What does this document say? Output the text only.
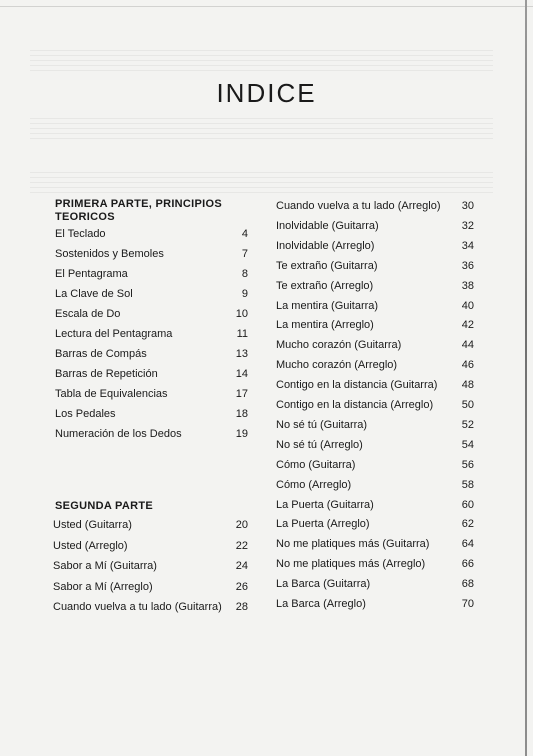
INDICE
PRIMERA PARTE, PRINCIPIOS TEORICOS
El Teclado	4
Sostenidos y Bemoles	7
El Pentagrama	8
La Clave de Sol	9
Escala de Do	10
Lectura del Pentagrama	11
Barras de Compás	13
Barras de Repetición	14
Tabla de Equivalencias	17
Los Pedales	18
Numeración de los Dedos	19
SEGUNDA PARTE
Usted (Guitarra)	20
Usted (Arreglo)	22
Sabor a Mí (Guitarra)	24
Sabor a Mí (Arreglo)	26
Cuando vuelva a tu lado (Guitarra) 28
Cuando vuelva a tu lado (Arreglo) 30
Inolvidable (Guitarra)	32
Inolvidable (Arreglo)	34
Te extraño (Guitarra)	36
Te extraño (Arreglo)	38
La mentira (Guitarra)	40
La mentira (Arreglo)	42
Mucho corazón (Guitarra)	44
Mucho corazón (Arreglo)	46
Contigo en la distancia (Guitarra) 48
Contigo en la distancia (Arreglo)	50
No sé tú (Guitarra)	52
No sé tú (Arreglo)	54
Cómo (Guitarra)	56
Cómo (Arreglo)	58
La Puerta (Guitarra)	60
La Puerta (Arreglo)	62
No me platiques más (Guitarra)	64
No me platiques más (Arreglo)	66
La Barca (Guitarra)	68
La Barca (Arreglo)	70
